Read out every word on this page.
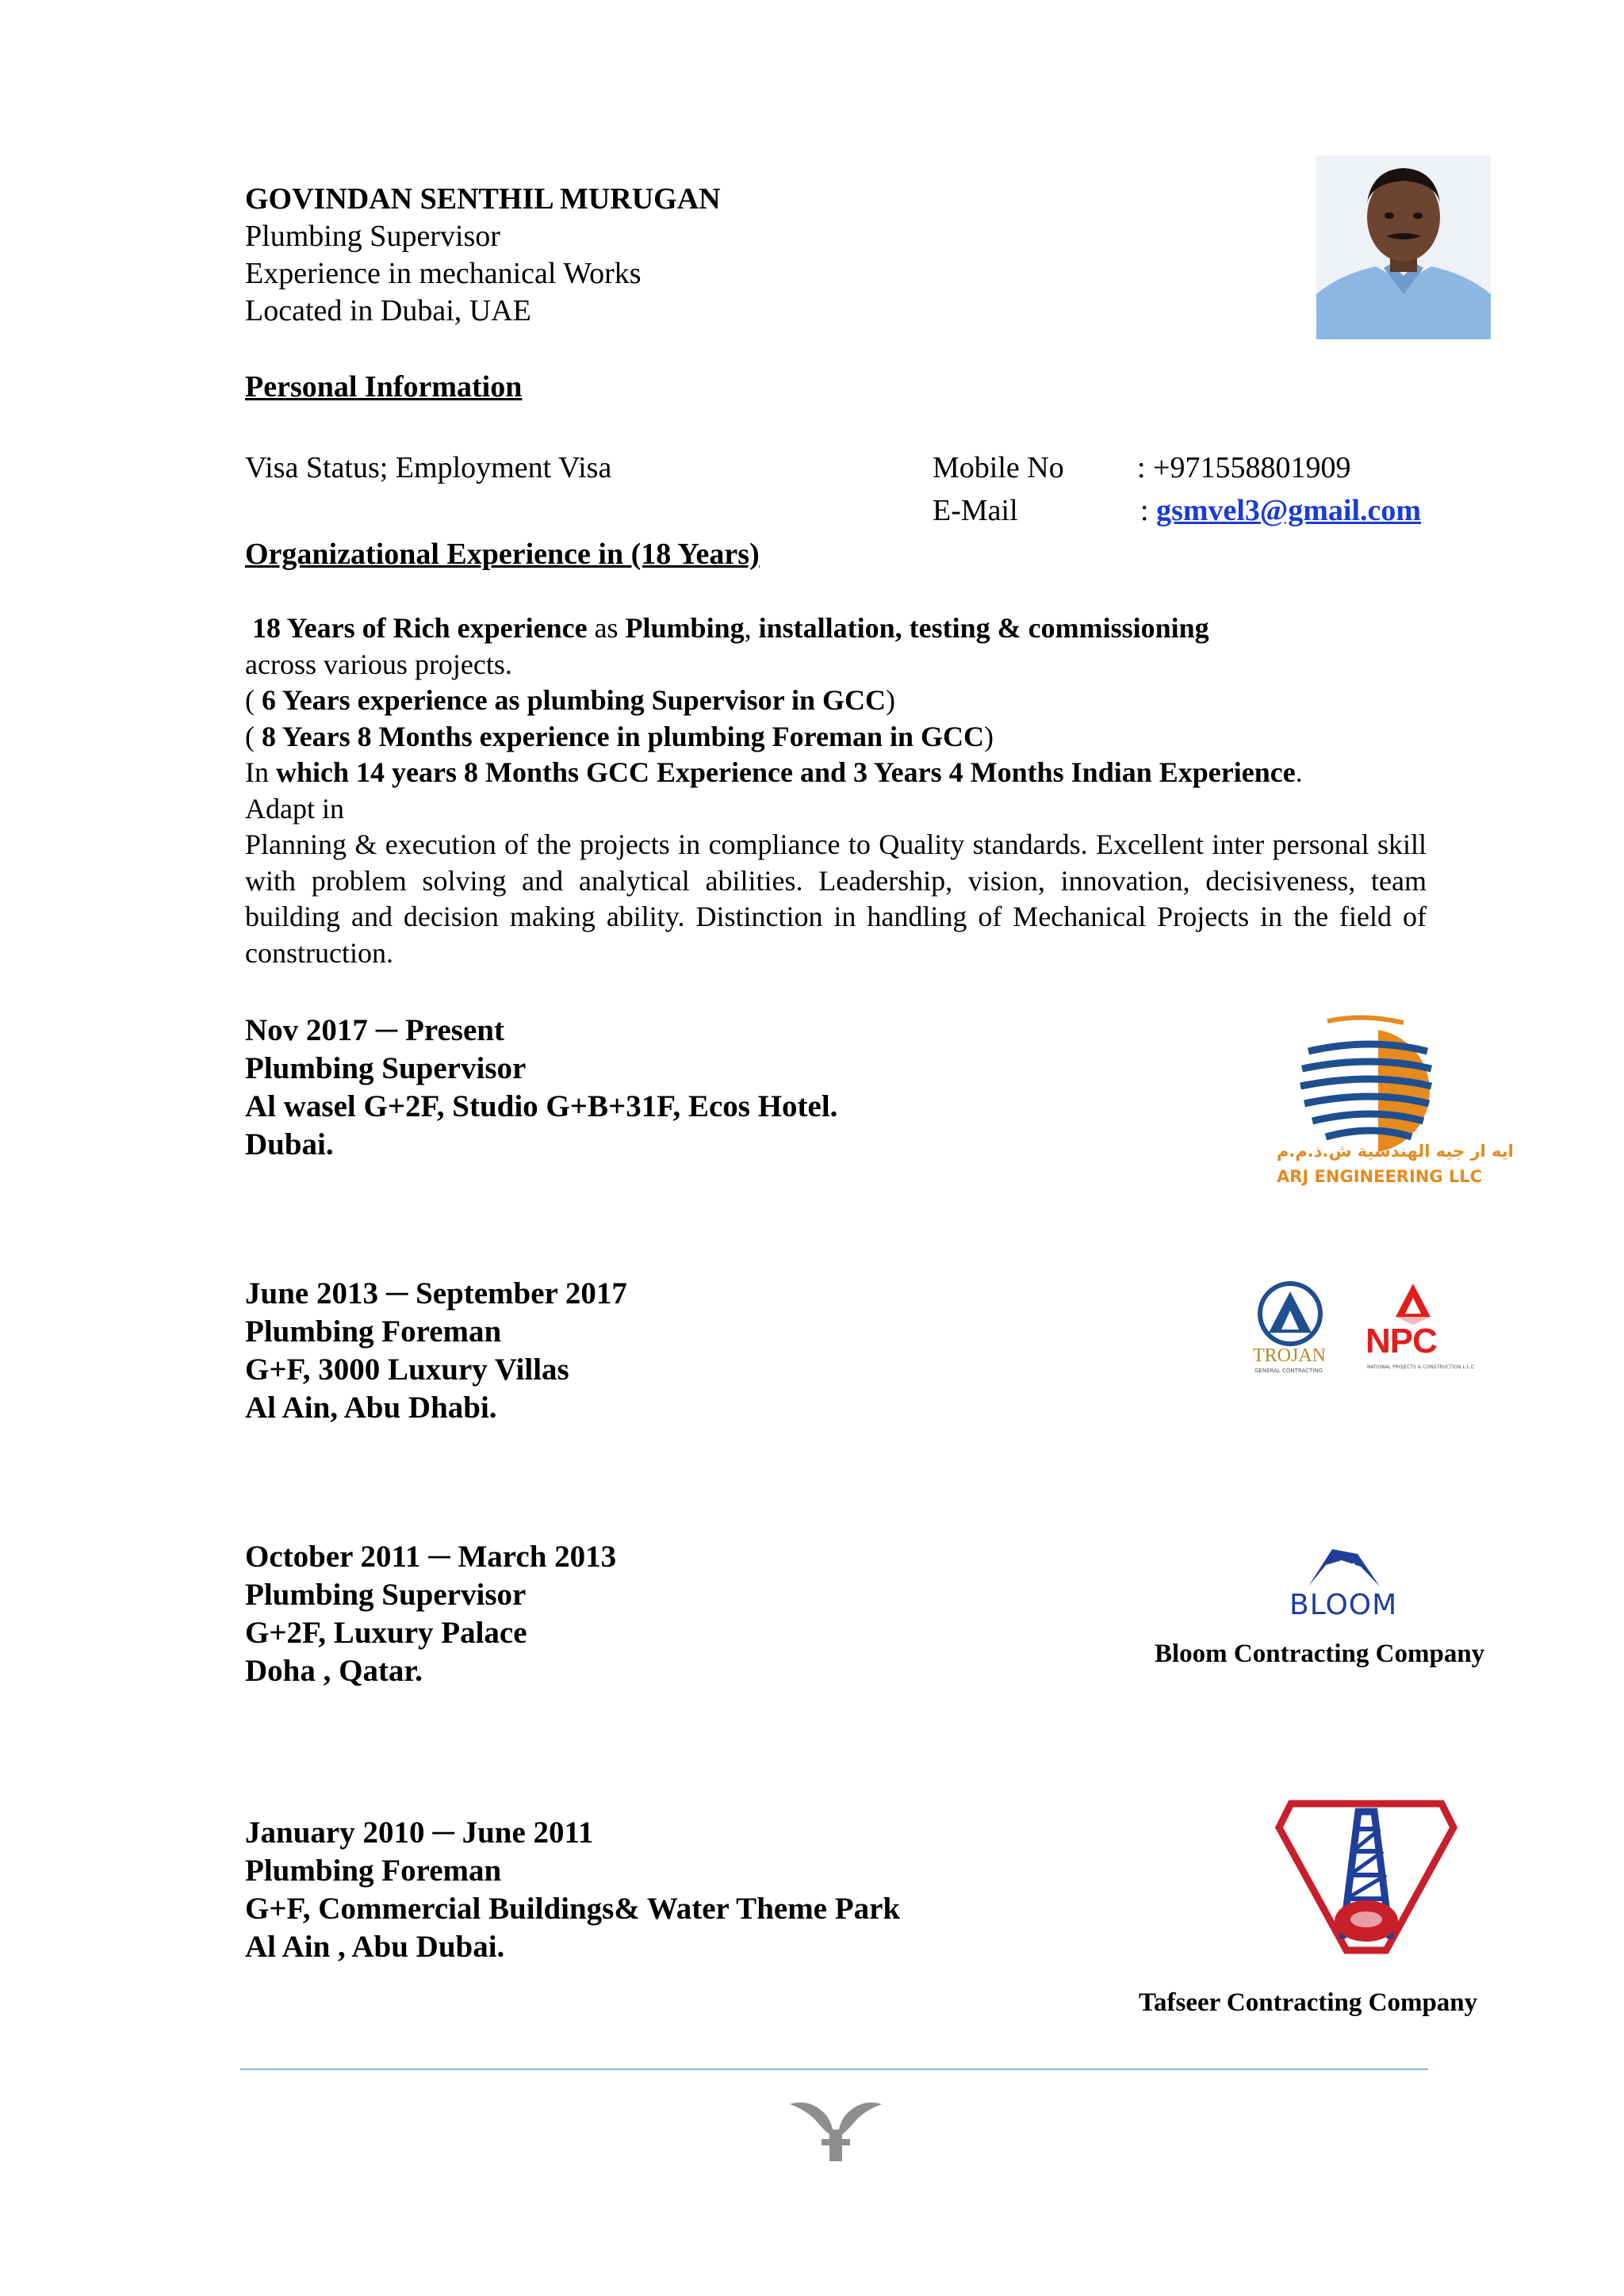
GOVINDAN SENTHIL MURUGAN
Plumbing Supervisor
Experience in mechanical Works
Located in Dubai, UAE
Personal Information
Visa Status; Employment Visa	Mobile No : +971558801909
E-Mail	: gsmvel3@gmail.com
Organizational Experience in (18 Years)

18 Years of Rich experience as Plumbing, installation, testing & commissioning

across various projects.

( 6 Years experience as plumbing Supervisor in GCC)

( 8 Years 8 Months experience in plumbing Foreman in GCC)

In which 14 years 8 Months GCC Experience and 3 Years 4 Months Indian Experience.

Adapt in

Planning & execution of the projects in compliance to Quality standards. Excellent inter personal skill with problem solving and analytical abilities. Leadership, vision, innovation, decisiveness, team building and decision making ability. Distinction in handling of Mechanical Projects in the field of construction.

Nov 2017 ─ Present
Plumbing Supervisor
Al wasel G+2F, Studio G+B+31F, Ecos Hotel.
Dubai.	ايه ار جيه الهندسية ش.ذ.م.م
ARJ ENGINEERING LLC
June 2013 ─ September 2017
Plumbing Foreman
G+F, 3000 Luxury Villas
Al Ain, Abu Dhabi.
TROJAN
GENERAL CONTRACTING
NPC
NATIONAL PROJECTS & CONSTRUCTION L.L.C
October 2011 ─ March 2013
Plumbing Supervisor
G+2F, Luxury Palace
Doha , Qatar.
BLOOM
Bloom Contracting Company
January 2010 ─ June 2011
Plumbing Foreman
G+F, Commercial Buildings& Water Theme Park
Al Ain , Abu Dubai.
Tafseer Contracting Company
